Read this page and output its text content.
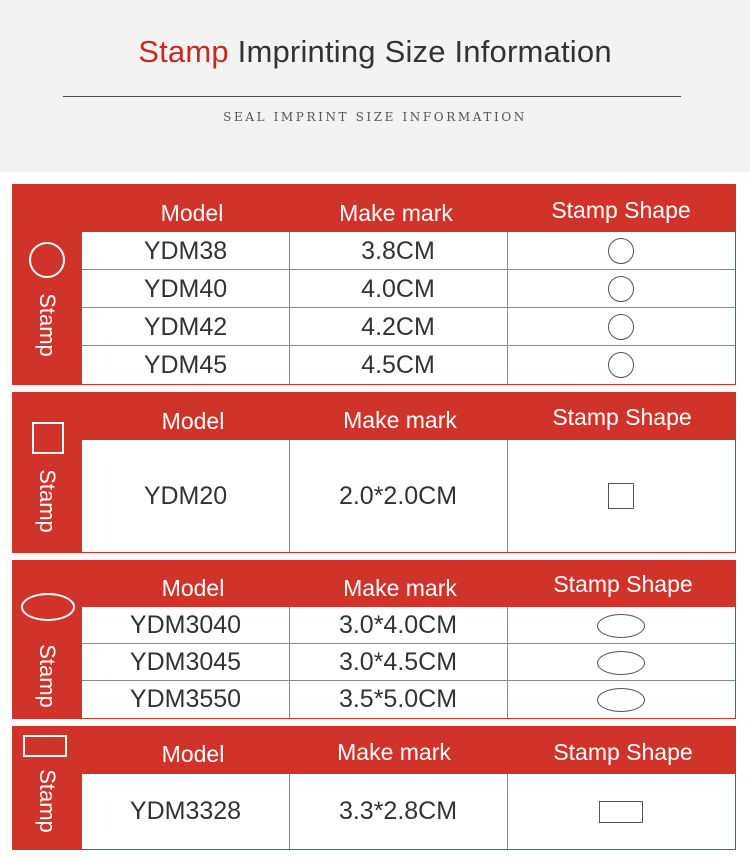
Stamp Imprinting Size Information
SEAL IMPRINT SIZE INFORMATION
Stamp
Model	Make mark	Stamp Shape
YDM38	3.8CM
YDM40	4.0CM
YDM42	4.2CM
YDM45	4.5CM
Stamp
Model	Make mark	Stamp Shape
YDM20	2.0*2.0CM
Stamp
Model	Make mark	Stamp Shape
YDM3040	3.0*4.0CM
YDM3045	3.0*4.5CM
YDM3550	3.5*5.0CM
Stamp
Model	Make mark	Stamp Shape
YDM3328	3.3*2.8CM
